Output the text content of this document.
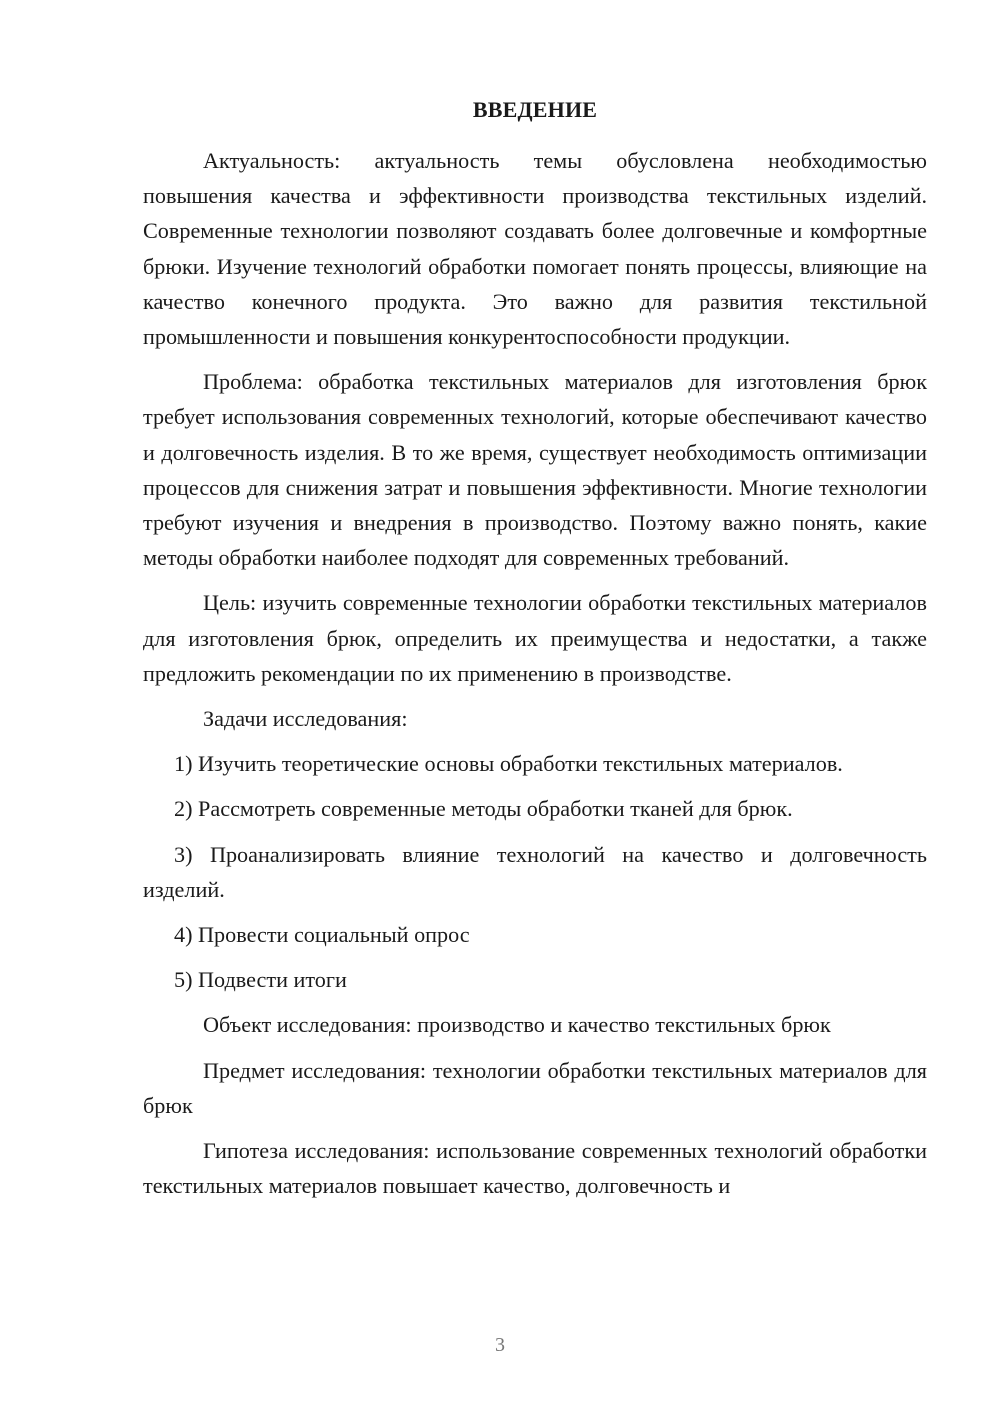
ВВЕДЕНИЕ

Актуальность: актуальность темы обусловлена необходимостью повышения качества и эффективности производства текстильных изделий. Современные технологии позволяют создавать более долговечные и комфортные брюки. Изучение технологий обработки помогает понять процессы, влияющие на качество конечного продукта. Это важно для развития текстильной промышленности и повышения конкурентоспособности продукции.

Проблема: обработка текстильных материалов для изготовления брюк требует использования современных технологий, которые обеспечивают качество и долговечность изделия. В то же время, существует необходимость оптимизации процессов для снижения затрат и повышения эффективности. Многие технологии требуют изучения и внедрения в производство. Поэтому важно понять, какие методы обработки наиболее подходят для современных требований.

Цель: изучить современные технологии обработки текстильных материалов для изготовления брюк, определить их преимущества и недостатки, а также предложить рекомендации по их применению в производстве.

Задачи исследования:

1) Изучить теоретические основы обработки текстильных материалов.

2) Рассмотреть современные методы обработки тканей для брюк.

3) Проанализировать влияние технологий на качество и долговечность изделий.

4) Провести социальный опрос

5) Подвести итоги

Объект исследования: производство и качество текстильных брюк

Предмет исследования: технологии обработки текстильных материалов для брюк

Гипотеза исследования: использование современных технологий обработки текстильных материалов повышает качество, долговечность и

3
